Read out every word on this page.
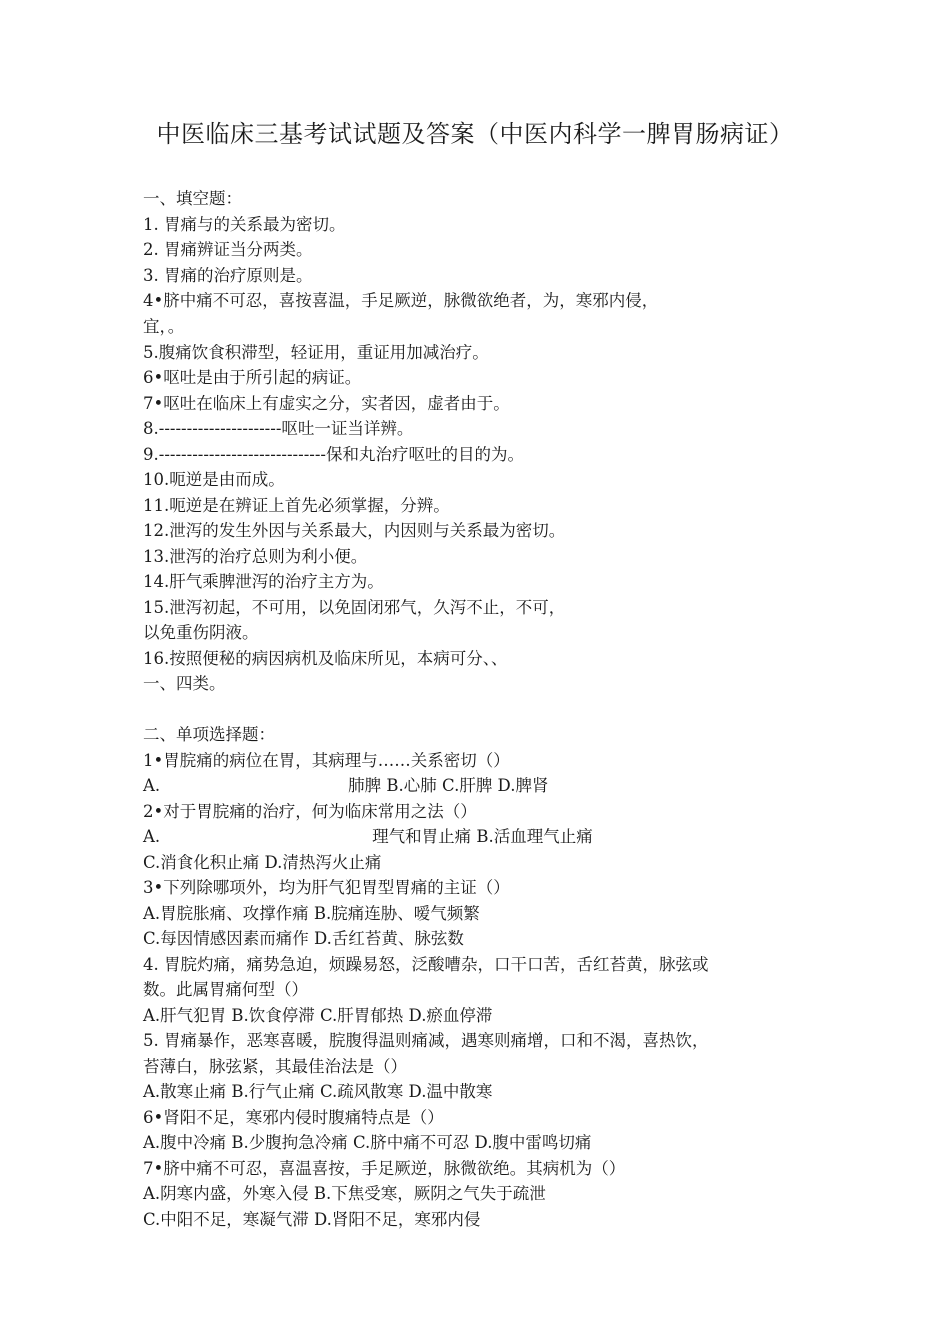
中医临床三基考试试题及答案（中医内科学一脾胃肠病证）
一、填空题：
1. 胃痛与的关系最为密切。
2. 胃痛辨证当分两类。
3. 胃痛的治疗原则是。
4•脐中痛不可忍，喜按喜温，手足厥逆，脉微欲绝者，为，寒邪内侵，
宜，。
5.腹痛饮食积滞型，轻证用，重证用加减治疗。
6•呕吐是由于所引起的病证。
7•呕吐在临床上有虚实之分，实者因，虚者由于。
8.----------------------呕吐一证当详辨。
9.------------------------------保和丸治疗呕吐的目的为。
10.呃逆是由而成。
11.呃逆是在辨证上首先必须掌握，分辨。
12.泄泻的发生外因与关系最大，内因则与关系最为密切。
13.泄泻的治疗总则为利小便。
14.肝气乘脾泄泻的治疗主方为。
15.泄泻初起，不可用，以免固闭邪气，久泻不止，不可，
以免重伤阴液。
16.按照便秘的病因病机及临床所见，本病可分、、
一、四类。
二、单项选择题：
1•胃脘痛的病位在胃，其病理与……关系密切（）
A.	肺脾 B.心肺 C.肝脾 D.脾肾
2•对于胃脘痛的治疗，何为临床常用之法（）
A.	理气和胃止痛 B.活血理气止痛
C.消食化积止痛 D.清热泻火止痛
3•下列除哪项外，均为肝气犯胃型胃痛的主证（）
A.胃脘胀痛、攻撑作痛 B.脘痛连胁、嗳气频繁
C.每因情感因素而痛作 D.舌红苔黄、脉弦数
4. 胃脘灼痛，痛势急迫，烦躁易怒，泛酸嘈杂，口干口苦，舌红苔黄，脉弦或
数。此属胃痛何型（）
A.肝气犯胃 B.饮食停滞 C.肝胃郁热 D.瘀血停滞
5. 胃痛暴作，恶寒喜暖，脘腹得温则痛减，遇寒则痛增，口和不渴，喜热饮，
苔薄白，脉弦紧，其最佳治法是（）
A.散寒止痛 B.行气止痛 C.疏风散寒 D.温中散寒
6•肾阳不足，寒邪内侵时腹痛特点是（）
A.腹中冷痛 B.少腹拘急冷痛 C.脐中痛不可忍 D.腹中雷鸣切痛
7•脐中痛不可忍，喜温喜按，手足厥逆，脉微欲绝。其病机为（）
A.阴寒内盛，外寒入侵 B.下焦受寒，厥阴之气失于疏泄
C.中阳不足，寒凝气滞 D.肾阳不足，寒邪内侵
